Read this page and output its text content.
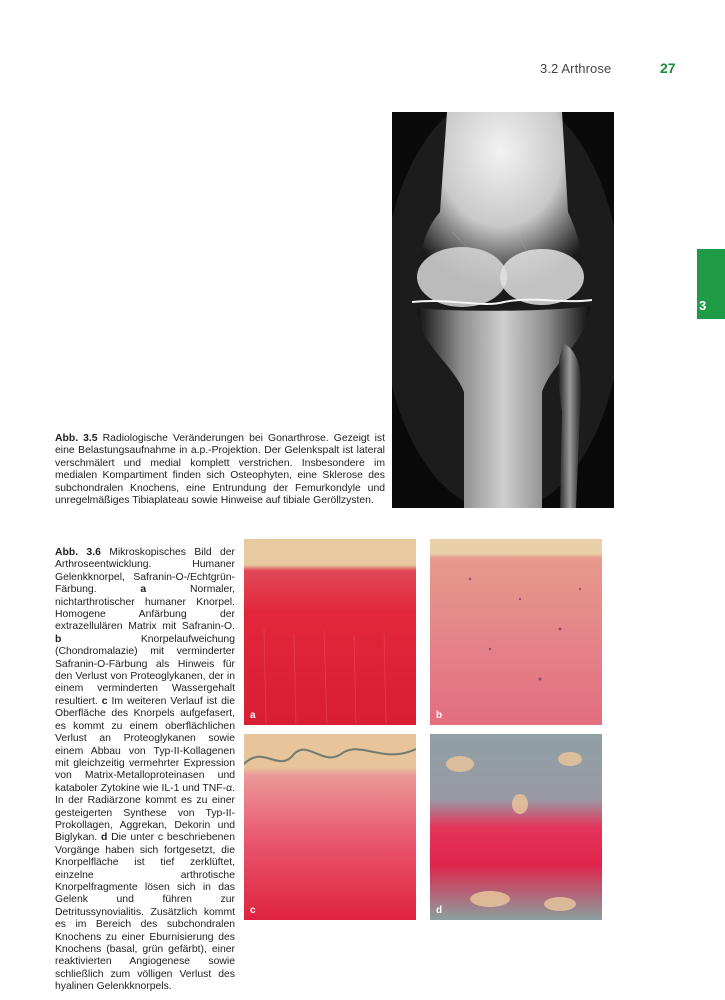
3.2 Arthrose	27
3
Abb. 3.5 Radiologische Veränderungen bei Gonarthrose. Gezeigt ist eine Belastungsaufnahme in a.p.-Projektion. Der Gelenkspalt ist lateral verschmälert und medial komplett verstrichen. Insbesondere im medialen Kompartiment finden sich Osteophyten, eine Sklerose des subchondralen Knochens, eine Entrundung der Femurkondyle und unregelmäßiges Tibiaplateau sowie Hinweise auf tibiale Geröllzysten.
Abb. 3.6 Mikroskopisches Bild der Arthroseentwicklung. Humaner Gelenkknorpel, Safranin-O-/Echtgrün-Färbung.	a	Normaler, nichtarthrotischer humaner Knorpel. Homogene Anfärbung der extrazellulären Matrix mit Safranin-O. b	Knorpelaufweichung (Chondromalazie) mit verminderter Safranin-O-Färbung als Hinweis für den Verlust von Proteoglykanen, der in einem verminderten Wassergehalt resultiert. c Im weiteren Verlauf ist die Oberfläche des Knorpels aufgefasert, es kommt zu einem oberflächlichen Verlust an Proteoglykanen sowie einem Abbau von Typ-II-Kollagenen mit gleichzeitig vermehrter Expression von Matrix-Metalloproteinasen und kataboler Zytokine wie IL-1 und TNF-α. In der Radiärzone kommt es zu einer gesteigerten Synthese von Typ-II-Prokollagen, Aggrekan, Dekorin und Biglykan. d Die unter c beschriebenen Vorgänge haben sich fortgesetzt, die Knorpelfläche ist tief zerklüftet, einzelne arthrotische Knorpelfragmente lösen sich in das Gelenk und führen zur Detritussynovialitis. Zusätzlich kommt es im Bereich des subchondralen Knochens zu einer Eburnisierung des Knochens (basal, grün gefärbt), einer reaktivierten Angiogenese sowie schließlich zum völligen Verlust des hyalinen Gelenkknorpels.
a	b
c	d
